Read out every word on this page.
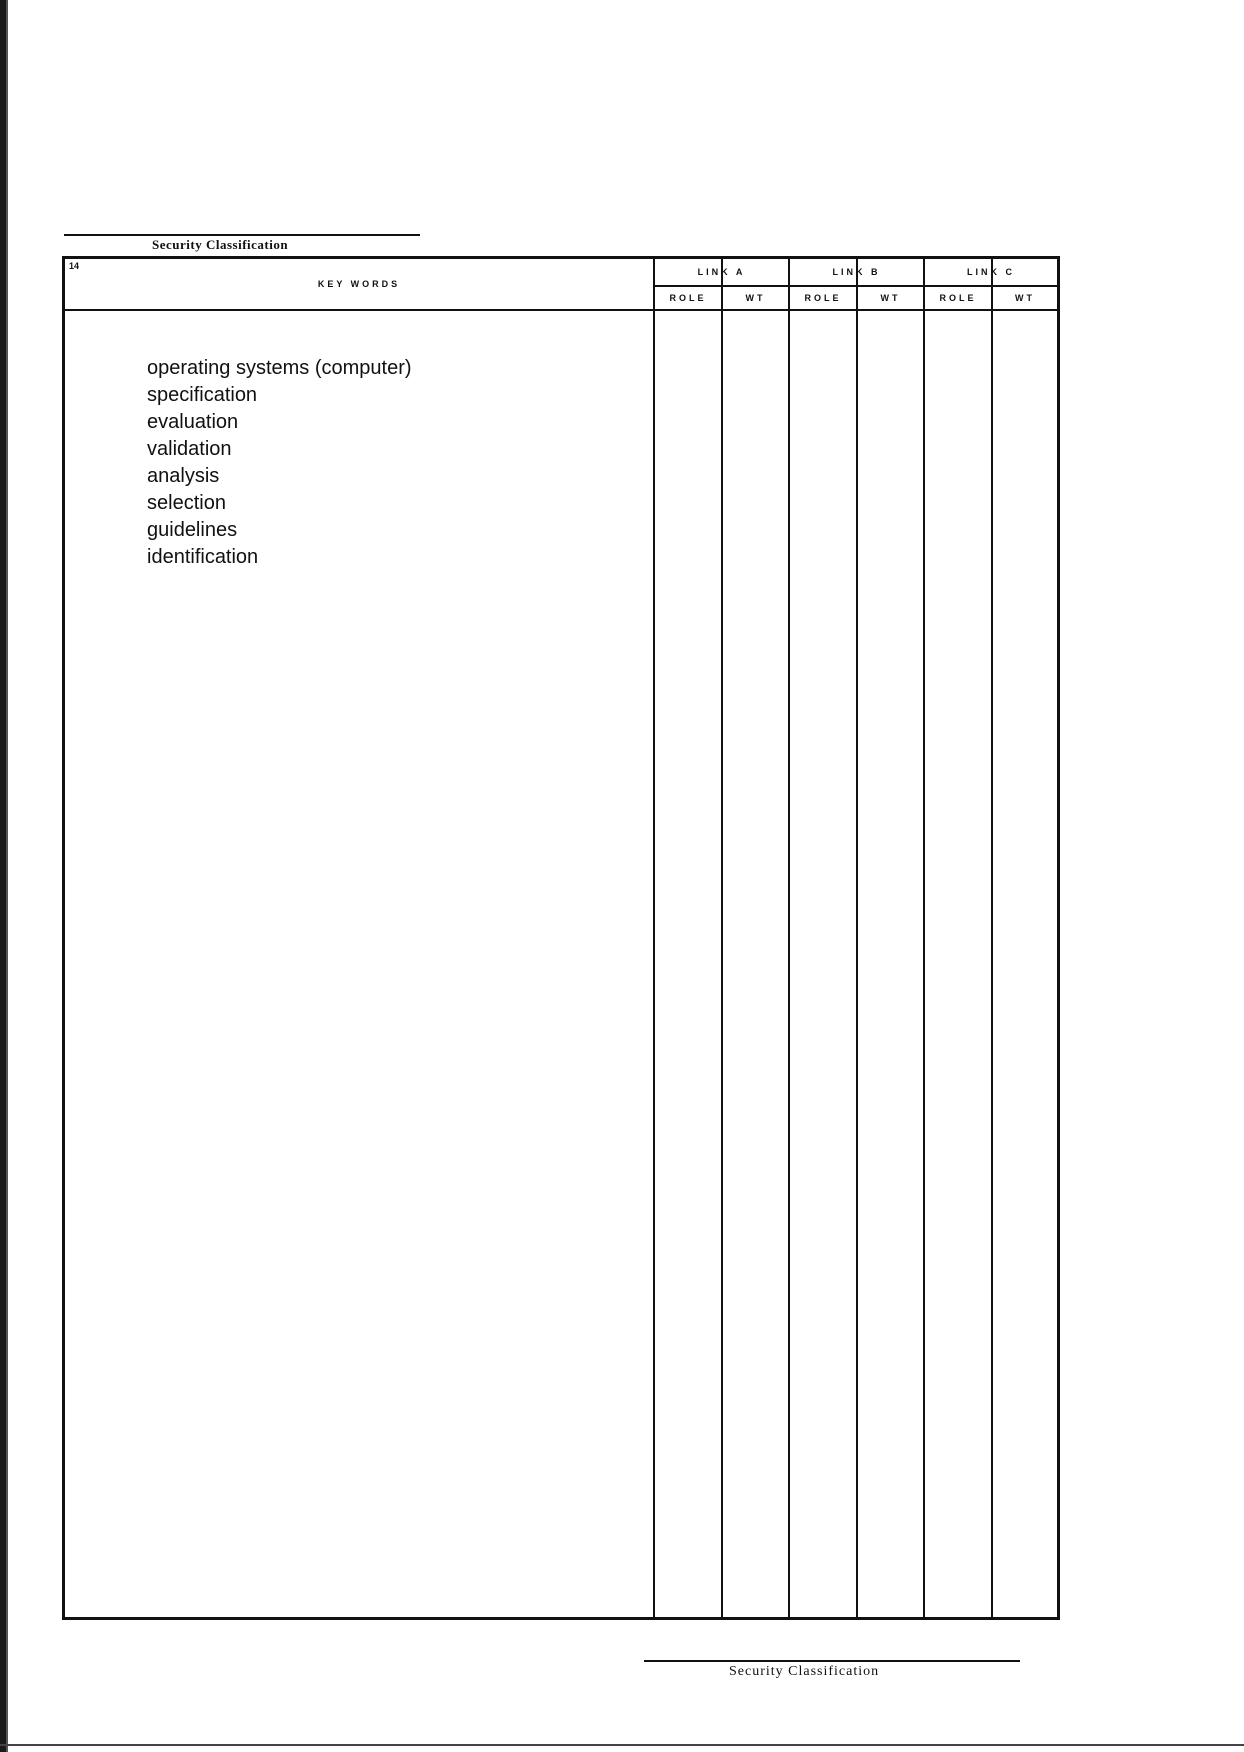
Security Classification
14
KEY WORDS
LINK A	LINK B	LINK C
ROLE	WT	ROLE	WT	ROLE	WT
operating systems (computer)
specification
evaluation
validation
analysis
selection
guidelines
identification
Security Classification
